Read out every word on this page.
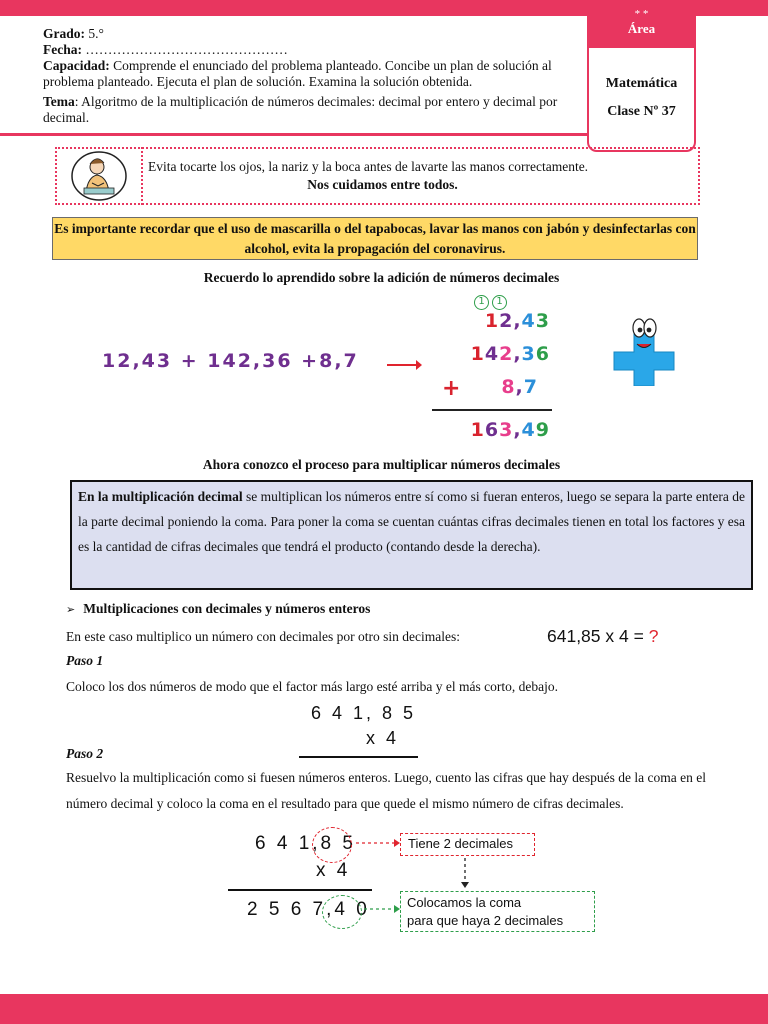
Grado: 5.°
Fecha: ………………………………………
Capacidad: Comprende el enunciado del problema planteado. Concibe un plan de solución al problema planteado. Ejecuta el plan de solución. Examina la solución obtenida.
Tema: Algoritmo de la multiplicación de números decimales: decimal por entero y decimal por decimal.
* *
Área
Matemática
Clase Nº 37
Evita tocarte los ojos, la nariz y la boca antes de lavarte las manos correctamente.
Nos cuidamos entre todos.
Es importante recordar que el uso de mascarilla o del tapabocas, lavar las manos con jabón y desinfectarlas con alcohol, evita la propagación del coronavirus.
Recuerdo lo aprendido sobre la adición de números decimales
12,43 + 142,36 +8,7
1	1
12,43
142,36
+	8,7
163,49
Ahora conozco el proceso para multiplicar números decimales
En la multiplicación decimal se multiplican los números entre sí como si fueran enteros, luego se separa la parte entera de la parte decimal poniendo la coma. Para poner la coma se cuentan cuántas cifras decimales tienen en total los factores y esa es la cantidad de cifras decimales que tendrá el producto (contando desde la derecha).
➢ Multiplicaciones con decimales y números enteros
En este caso multiplico un número con decimales por otro sin decimales:	641,85 x 4 = ?
Paso 1
Coloco los dos números de modo que el factor más largo esté arriba y el más corto, debajo.
6 4 1, 8 5
x 4
Paso 2
Resuelvo la multiplicación como si fuesen números enteros. Luego, cuento las cifras que hay después de la coma en el número decimal y coloco la coma en el resultado para que quede el mismo número de cifras decimales.
6 4 1,8 5
x 4
2 5 6 7,4 0
Tiene 2 decimales
Colocamos la coma
para que haya 2 decimales
